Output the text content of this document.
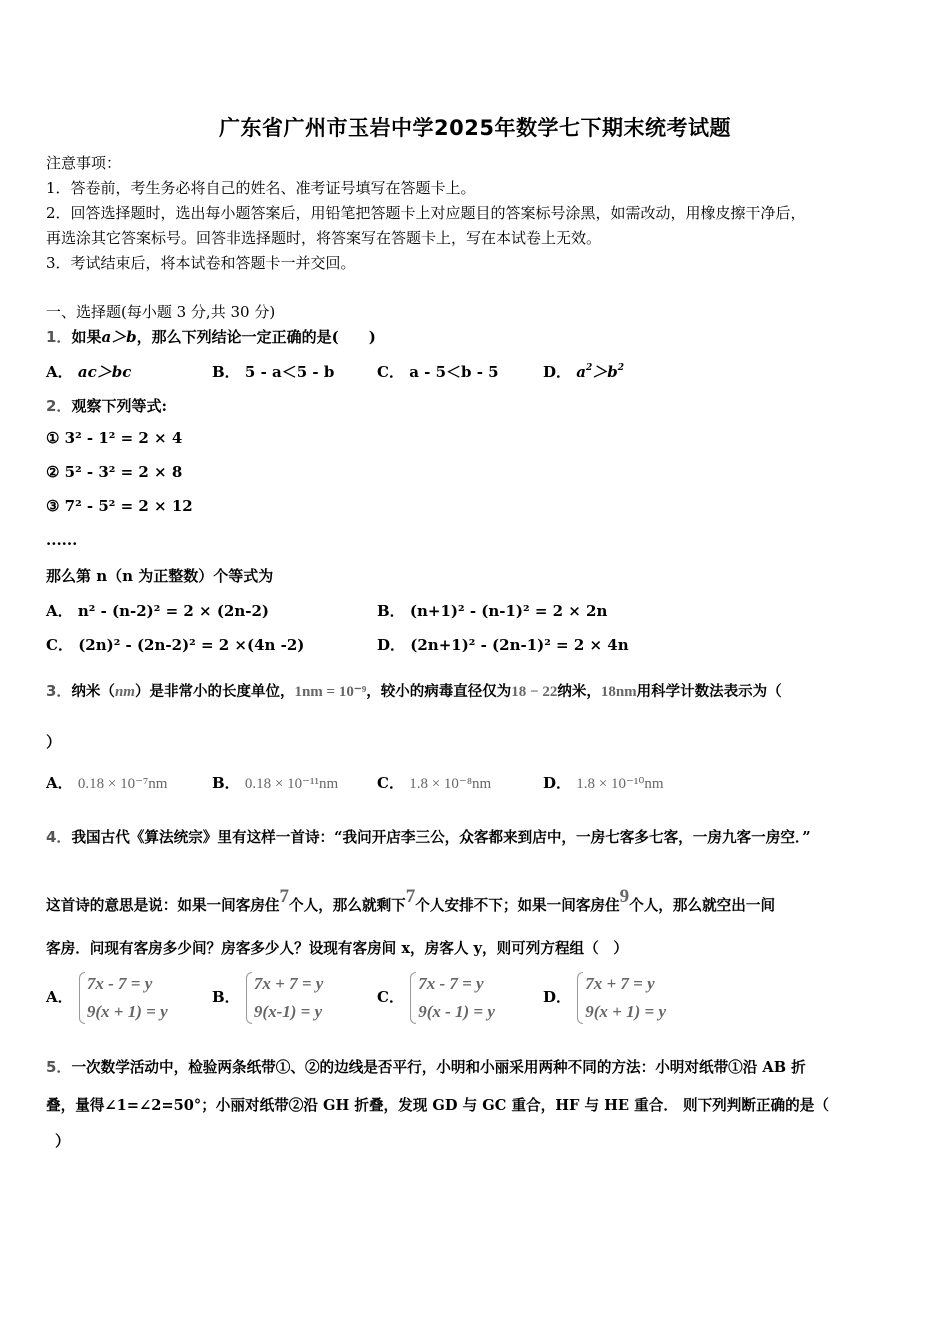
广东省广州市玉岩中学2025年数学七下期末统考试题
注意事项：
1．答卷前，考生务必将自己的姓名、准考证号填写在答题卡上。
2．回答选择题时，选出每小题答案后，用铅笔把答题卡上对应题目的答案标号涂黑，如需改动，用橡皮擦干净后，
再选涂其它答案标号。回答非选择题时，将答案写在答题卡上，写在本试卷上无效。
3．考试结束后，将本试卷和答题卡一并交回。
一、选择题(每小题 3 分,共 30 分)
1．如果a＞b，那么下列结论一定正确的是(　　)
A． ac＞bc	B． 5 - a＜5 - b	C． a - 5＜b - 5	D． $a^2>b^2$
2．观察下列等式:
① 3² - 1² = 2 × 4
② 5² - 3² = 2 × 8
③ 7² - 5² = 2 × 12
......
那么第 n（n 为正整数）个等式为
A． n² - (n-2)² = 2 × (2n-2)	B． (n+1)² - (n-1)² = 2 × 2n
C． (2n)² - (2n-2)² = 2 ×(4n -2)	D． (2n+1)² - (2n-1)² = 2 × 4n
3．纳米（nm）是非常小的长度单位，1nm = 10⁻⁹，较小的病毒直径仅为18 − 22纳米，18nm用科学计数法表示为（
）
A． 0.18 × 10⁻⁷nm	B． 0.18 × 10⁻¹¹nm	C． 1.8 × 10⁻⁸nm	D． 1.8 × 10⁻¹⁰nm
4．我国古代《算法统宗》里有这样一首诗：“我问开店李三公，众客都来到店中，一房七客多七客，一房九客一房空．”
这首诗的意思是说：如果一间客房住7个人，那么就剩下7个人安排不下；如果一间客房住9个人，那么就空出一间
客房．问现有客房多少间？房客多少人？设现有客房间 x，房客人 y，则可列方程组（　）
A．
7x - 7 = y
9(x + 1) = y
B．
7x + 7 = y
9(x-1) = y
C．
7x - 7 = y
9(x - 1) = y
D．
7x + 7 = y
9(x + 1) = y
5．一次数学活动中，检验两条纸带①、②的边线是否平行，小明和小丽采用两种不同的方法：小明对纸带①沿 AB 折
叠，量得∠1=∠2=50°；小丽对纸带②沿 GH 折叠，发现 GD 与 GC 重合，HF 与 HE 重合． 则下列判断正确的是（
）
